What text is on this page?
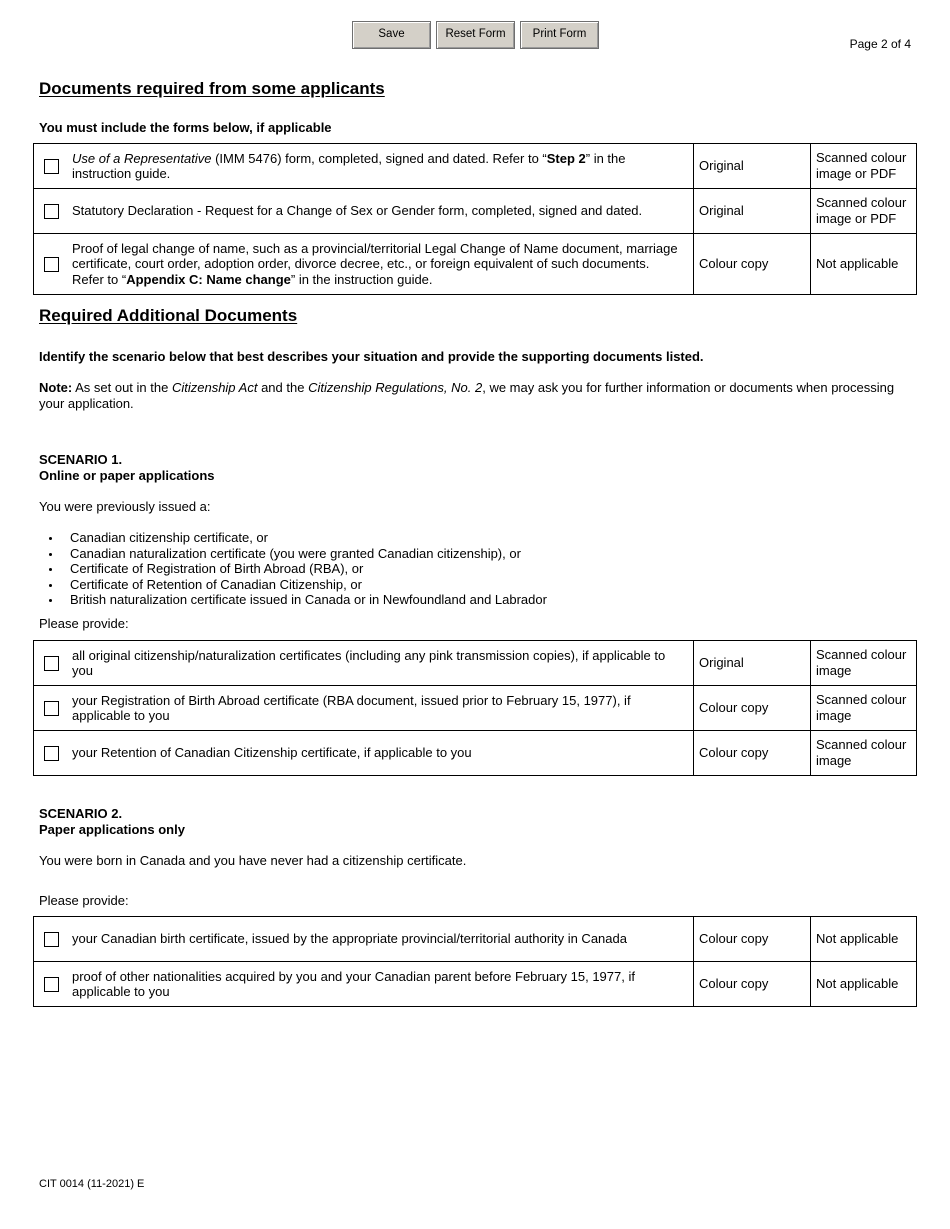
Save	Reset Form	Print Form
Page 2 of 4
Documents required from some applicants
You must include the forms below, if applicable
Use of a Representative (IMM 5476) form, completed, signed and dated. Refer to “Step 2” in the instruction guide.	Original	Scanned colour image or PDF

Statutory Declaration - Request for a Change of Sex or Gender form, completed, signed and dated.	Original	Scanned colour image or PDF

Proof of legal change of name, such as a provincial/territorial Legal Change of Name document, marriage certificate, court order, adoption order, divorce decree, etc., or foreign equivalent of such documents. Refer to “Appendix C: Name change” in the instruction guide.	Colour copy	Not applicable
Required Additional Documents
Identify the scenario below that best describes your situation and provide the supporting documents listed.
Note: As set out in the Citizenship Act and the Citizenship Regulations, No. 2, we may ask you for further information or documents when processing your application.
SCENARIO 1.
Online or paper applications
You were previously issued a:
Canadian citizenship certificate, or
Canadian naturalization certificate (you were granted Canadian citizenship), or
Certificate of Registration of Birth Abroad (RBA), or
Certificate of Retention of Canadian Citizenship, or
British naturalization certificate issued in Canada or in Newfoundland and Labrador
Please provide:
all original citizenship/naturalization certificates (including any pink transmission copies), if applicable to you	Original	Scanned colour image

your Registration of Birth Abroad certificate (RBA document, issued prior to February 15, 1977), if applicable to you	Colour copy	Scanned colour image

your Retention of Canadian Citizenship certificate, if applicable to you	Colour copy	Scanned colour image
SCENARIO 2.
Paper applications only
You were born in Canada and you have never had a citizenship certificate.
Please provide:
your Canadian birth certificate, issued by the appropriate provincial/territorial authority in Canada	Colour copy	Not applicable

proof of other nationalities acquired by you and your Canadian parent before February 15, 1977, if applicable to you	Colour copy	Not applicable
CIT 0014 (11-2021) E
